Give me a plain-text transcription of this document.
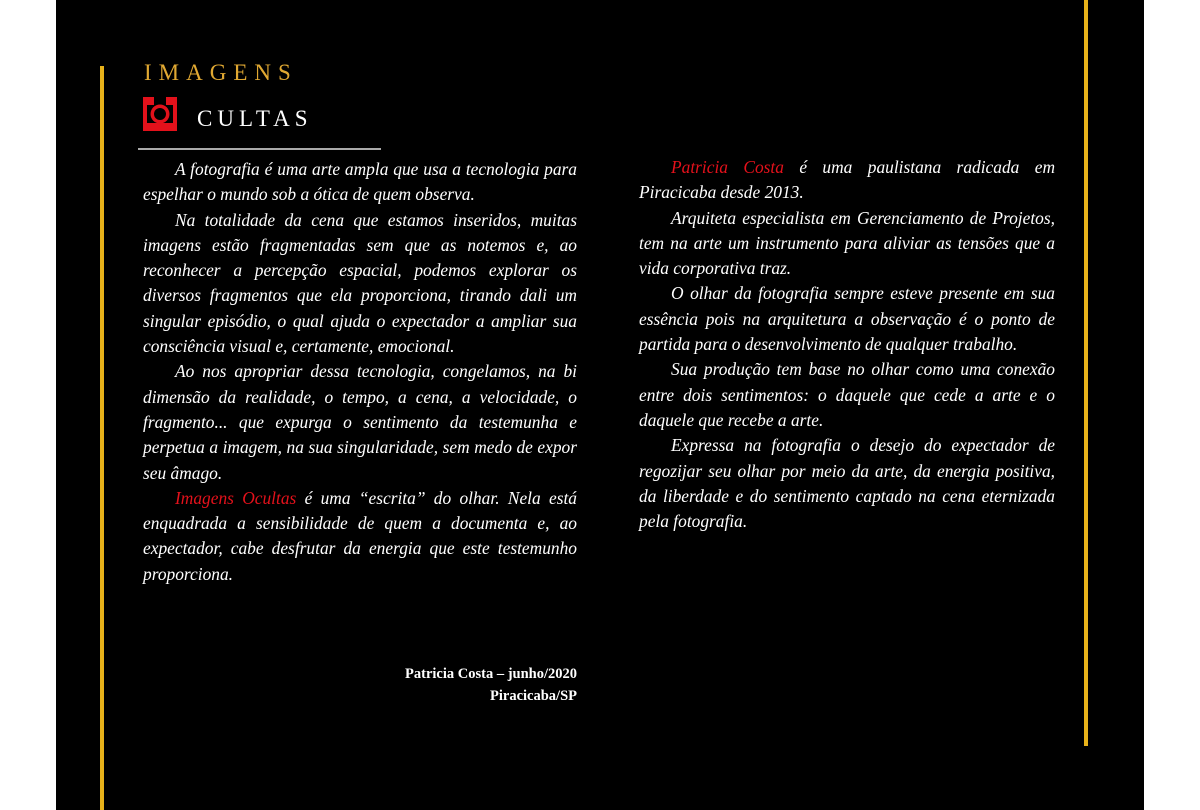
IMAGENS
CULTAS

A fotografia é uma arte ampla que usa a tecnologia para espelhar o mundo sob a ótica de quem observa.

Na totalidade da cena que estamos inseridos, muitas imagens estão fragmentadas sem que as notemos e, ao reconhecer a percepção espacial, podemos explorar os diversos fragmentos que ela proporciona, tirando dali um singular episódio, o qual ajuda o expectador a ampliar sua consciência visual e, certamente, emocional.

Ao nos apropriar dessa tecnologia, congelamos, na bi dimensão da realidade, o tempo, a cena, a velocidade, o fragmento... que expurga o sentimento da testemunha e perpetua a imagem, na sua singularidade, sem medo de expor seu âmago.

Imagens Ocultas é uma “escrita” do olhar. Nela está enquadrada a sensibilidade de quem a documenta e, ao expectador, cabe desfrutar da energia que este testemunho proporciona.

Patricia Costa – junho/2020
Piracicaba/SP

Patricia Costa é uma paulistana radicada em Piracicaba desde 2013.

Arquiteta especialista em Gerenciamento de Projetos, tem na arte um instrumento para aliviar as tensões que a vida corporativa traz.

O olhar da fotografia sempre esteve presente em sua essência pois na arquitetura a observação é o ponto de partida para o desenvolvimento de qualquer trabalho.

Sua produção tem base no olhar como uma conexão entre dois sentimentos: o daquele que cede a arte e o daquele que recebe a arte.

Expressa na fotografia o desejo do expectador de regozijar seu olhar por meio da arte, da energia positiva, da liberdade e do sentimento captado na cena eternizada pela fotografia.
